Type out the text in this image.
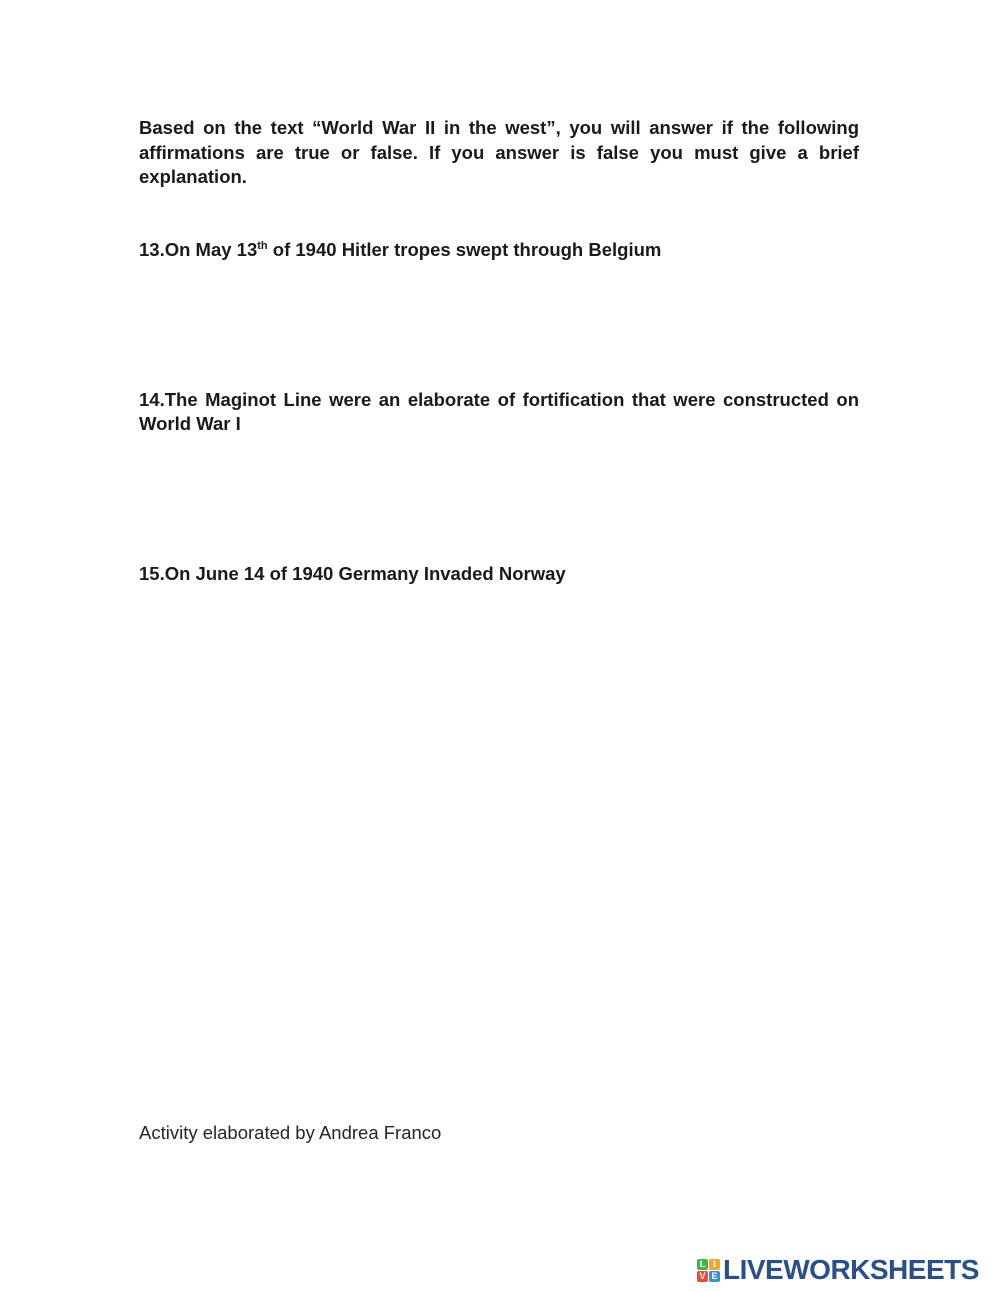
Based on the text “World War II in the west”, you will answer if the following affirmations are true or false. If you answer is false you must give a brief explanation.

13.On May 13th of 1940 Hitler tropes swept through Belgium

14.The Maginot Line were an elaborate of fortification that were constructed on World War I

15.On June 14 of 1940 Germany Invaded Norway

Activity elaborated by Andrea Franco

L I
V E LIVEWORKSHEETS
